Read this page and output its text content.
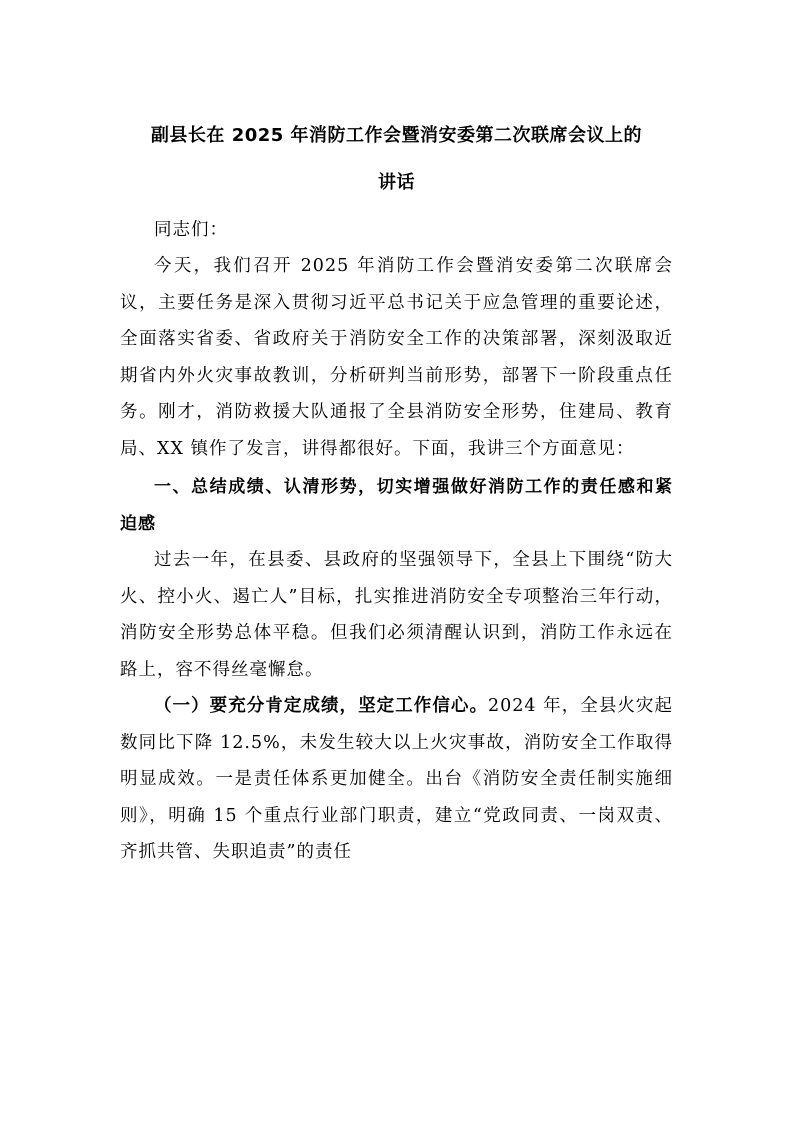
副县长在 2025 年消防工作会暨消安委第二次联席会议上的
讲话

同志们：

今天，我们召开 2025 年消防工作会暨消安委第二次联席会议，主要任务是深入贯彻习近平总书记关于应急管理的重要论述，全面落实省委、省政府关于消防安全工作的决策部署，深刻汲取近期省内外火灾事故教训，分析研判当前形势，部署下一阶段重点任务。刚才，消防救援大队通报了全县消防安全形势，住建局、教育局、XX 镇作了发言，讲得都很好。下面，我讲三个方面意见：

一、总结成绩、认清形势，切实增强做好消防工作的责任感和紧迫感

过去一年，在县委、县政府的坚强领导下，全县上下围绕“防大火、控小火、遏亡人”目标，扎实推进消防安全专项整治三年行动，消防安全形势总体平稳。但我们必须清醒认识到，消防工作永远在路上，容不得丝毫懈怠。

（一）要充分肯定成绩，坚定工作信心。2024 年，全县火灾起数同比下降 12.5%，未发生较大以上火灾事故，消防安全工作取得明显成效。一是责任体系更加健全。出台《消防安全责任制实施细则》，明确 15 个重点行业部门职责，建立“党政同责、一岗双责、齐抓共管、失职追责”的责任
